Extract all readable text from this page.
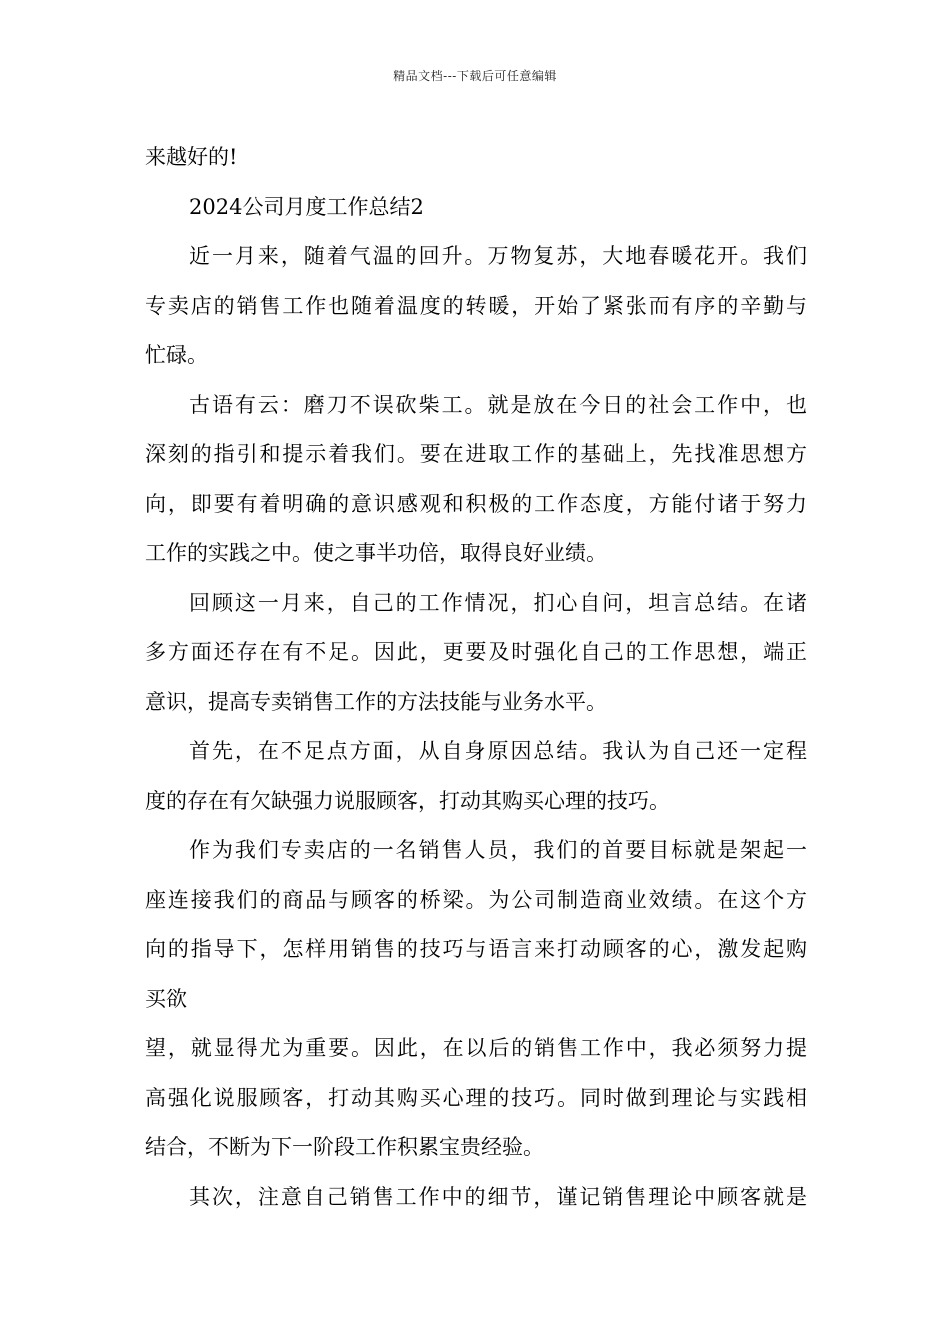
精品文档---下载后可任意编辑
来越好的!
2024公司月度工作总结2
近一月来，随着气温的回升。万物复苏，大地春暖花开。我们
专卖店的销售工作也随着温度的转暖，开始了紧张而有序的辛勤与
忙碌。
古语有云：磨刀不误砍柴工。就是放在今日的社会工作中，也
深刻的指引和提示着我们。要在进取工作的基础上，先找准思想方
向，即要有着明确的意识感观和积极的工作态度，方能付诸于努力
工作的实践之中。使之事半功倍，取得良好业绩。
回顾这一月来，自己的工作情况，扪心自问，坦言总结。在诸
多方面还存在有不足。因此，更要及时强化自己的工作思想，端正
意识，提高专卖销售工作的方法技能与业务水平。
首先，在不足点方面，从自身原因总结。我认为自己还一定程
度的存在有欠缺强力说服顾客，打动其购买心理的技巧。
作为我们专卖店的一名销售人员，我们的首要目标就是架起一
座连接我们的商品与顾客的桥梁。为公司制造商业效绩。在这个方
向的指导下，怎样用销售的技巧与语言来打动顾客的心，激发起购
买欲
望，就显得尤为重要。因此，在以后的销售工作中，我必须努力提
高强化说服顾客，打动其购买心理的技巧。同时做到理论与实践相
结合，不断为下一阶段工作积累宝贵经验。
其次，注意自己销售工作中的细节，谨记销售理论中顾客就是
